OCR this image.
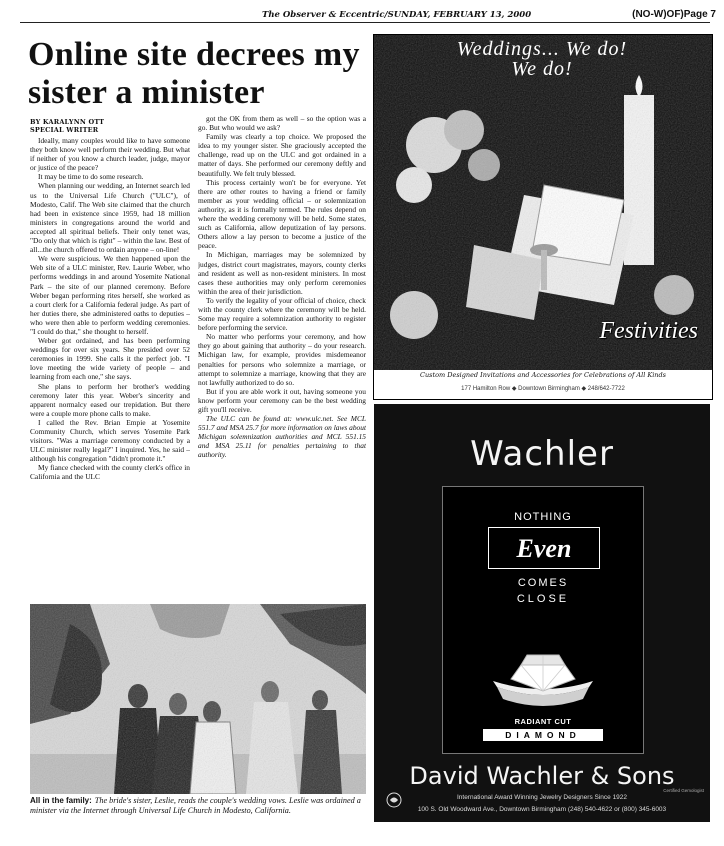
The Observer & Eccentric/SUNDAY, FEBRUARY 13, 2000	(NO-W)OF)Page 7
Online site decrees my sister a minister
BY KARALYNN OTT
SPECIAL WRITER

Ideally, many couples would like to have someone they both know well perform their wedding. But what if neither of you know a church leader, judge, mayor or justice of the peace?

It may be time to do some research.

When planning our wedding, an Internet search led us to the Universal Life Church ("ULC"), of Modesto, Calif. The Web site claimed that the church had been in existence since 1959, had 18 million ministers in congregations around the world and accepted all spiritual beliefs. Their only tenet was, "Do only that which is right" – within the law. Best of all...the church offered to ordain anyone – on-line!

We were suspicious. We then happened upon the Web site of a ULC minister, Rev. Laurie Weber, who performs weddings in and around Yosemite National Park – the site of our planned ceremony. Before Weber began performing rites herself, she worked as a court clerk for a California federal judge. As part of her duties there, she administered oaths to deputies – who were then able to perform wedding ceremonies. "I could do that," she thought to herself.

Weber got ordained, and has been performing weddings for over six years. She presided over 52 ceremonies in 1999. She calls it the perfect job. "I love meeting the wide variety of people – and learning from each one," she says.

She plans to perform her brother's wedding ceremony later this year. Weber's sincerity and apparent normalcy eased our trepidation. But there were a couple more phone calls to make.

I called the Rev. Brian Empie at Yosemite Community Church, which serves Yosemite Park visitors. "Was a marriage ceremony conducted by a ULC minister really legal?" I inquired. Yes, he said – although his congregation "didn't promote it."

My fiance checked with the county clerk's office in California and the ULC

got the OK from them as well – so the option was a go. But who would we ask?

Family was clearly a top choice. We proposed the idea to my younger sister. She graciously accepted the challenge, read up on the ULC and got ordained in a matter of days. She performed our ceremony deftly and beautifully. We felt truly blessed.

This process certainly won't be for everyone. Yet there are other routes to having a friend or family member as your wedding official – or solemnization authority, as it is formally termed. The rules depend on where the wedding ceremony will be held. Some states, such as California, allow deputization of lay persons. Others allow a lay person to become a justice of the peace.

In Michigan, marriages may be solemnized by judges, district court magistrates, mayors, county clerks and resident as well as non-resident ministers. In most cases these authorities may only perform ceremonies within the area of their jurisdiction.

To verify the legality of your official of choice, check with the county clerk where the ceremony will be held. Some may require a solemnization authority to register before performing the service.

No matter who performs your ceremony, and how they go about gaining that authority – do your research. Michigan law, for example, provides misdemeanor penalties for persons who solemnize a marriage, or attempt to solemnize a marriage, knowing that they are not lawfully authorized to do so.

But if you are able work it out, having someone you know perform your ceremony can be the best wedding gift you'll receive.

The ULC can be found at: www.ulc.net. See MCL 551.7 and MSA 25.7 for more information on laws about Michigan solemnization authorities and MCL 551.15 and MSA 25.11 for penalties pertaining to that authority.

All in the family: The bride's sister, Leslie, reads the couple's wedding vows. Leslie was ordained a minister via the Internet through Universal Life Church in Modesto, California.
Weddings... We do!
We do!
Festivities
Custom Designed Invitations and Accessories for Celebrations of All Kinds
177 Hamilton Row ◆ Downtown Birmingham ◆ 248/642-7722
Wachler
NOTHING
Even
COMES
CLOSE
RADIANT CUT
DIAMOND
David Wachler & Sons
International Award Winning Jewelry Designers Since 1922
100 S. Old Woodward Ave., Downtown Birmingham (248) 540-4622 or (800) 345-6003
Certified Gemologist
